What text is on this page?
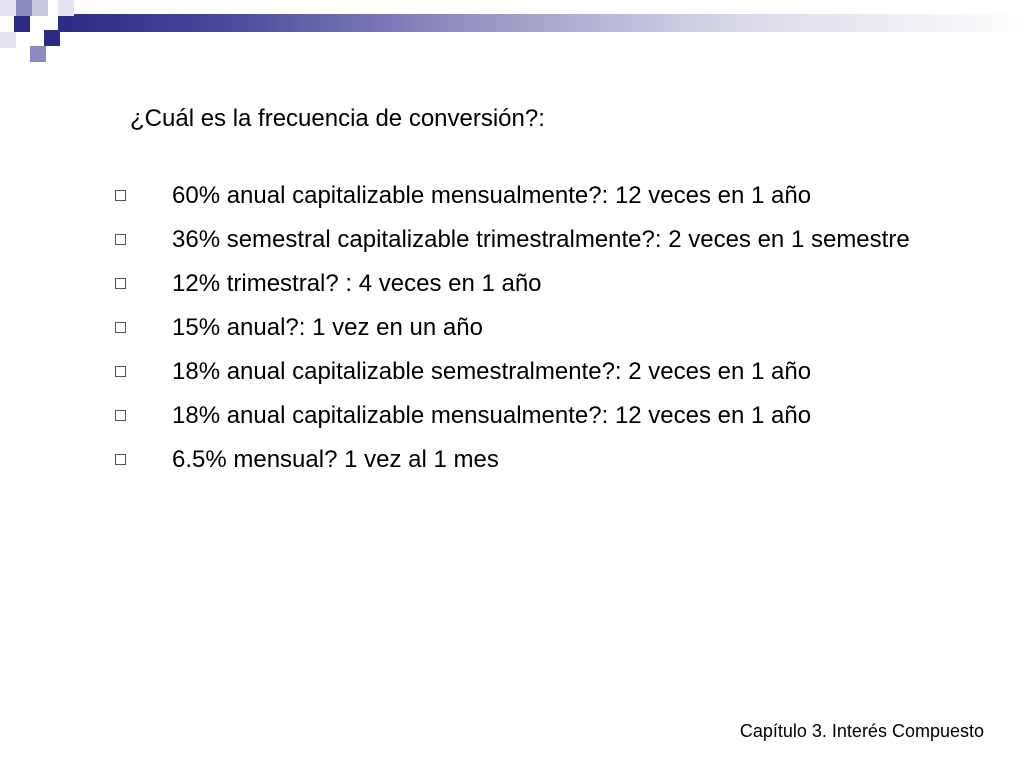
¿Cuál es la frecuencia de conversión?:
60% anual capitalizable mensualmente?: 12 veces en 1 año
36% semestral capitalizable trimestralmente?: 2 veces en 1 semestre
12% trimestral? : 4 veces en 1 año
15% anual?: 1 vez en un año
18% anual capitalizable semestralmente?: 2 veces en 1 año
18% anual capitalizable mensualmente?: 12 veces en 1 año
6.5% mensual? 1 vez al 1 mes
Capítulo 3. Interés Compuesto
